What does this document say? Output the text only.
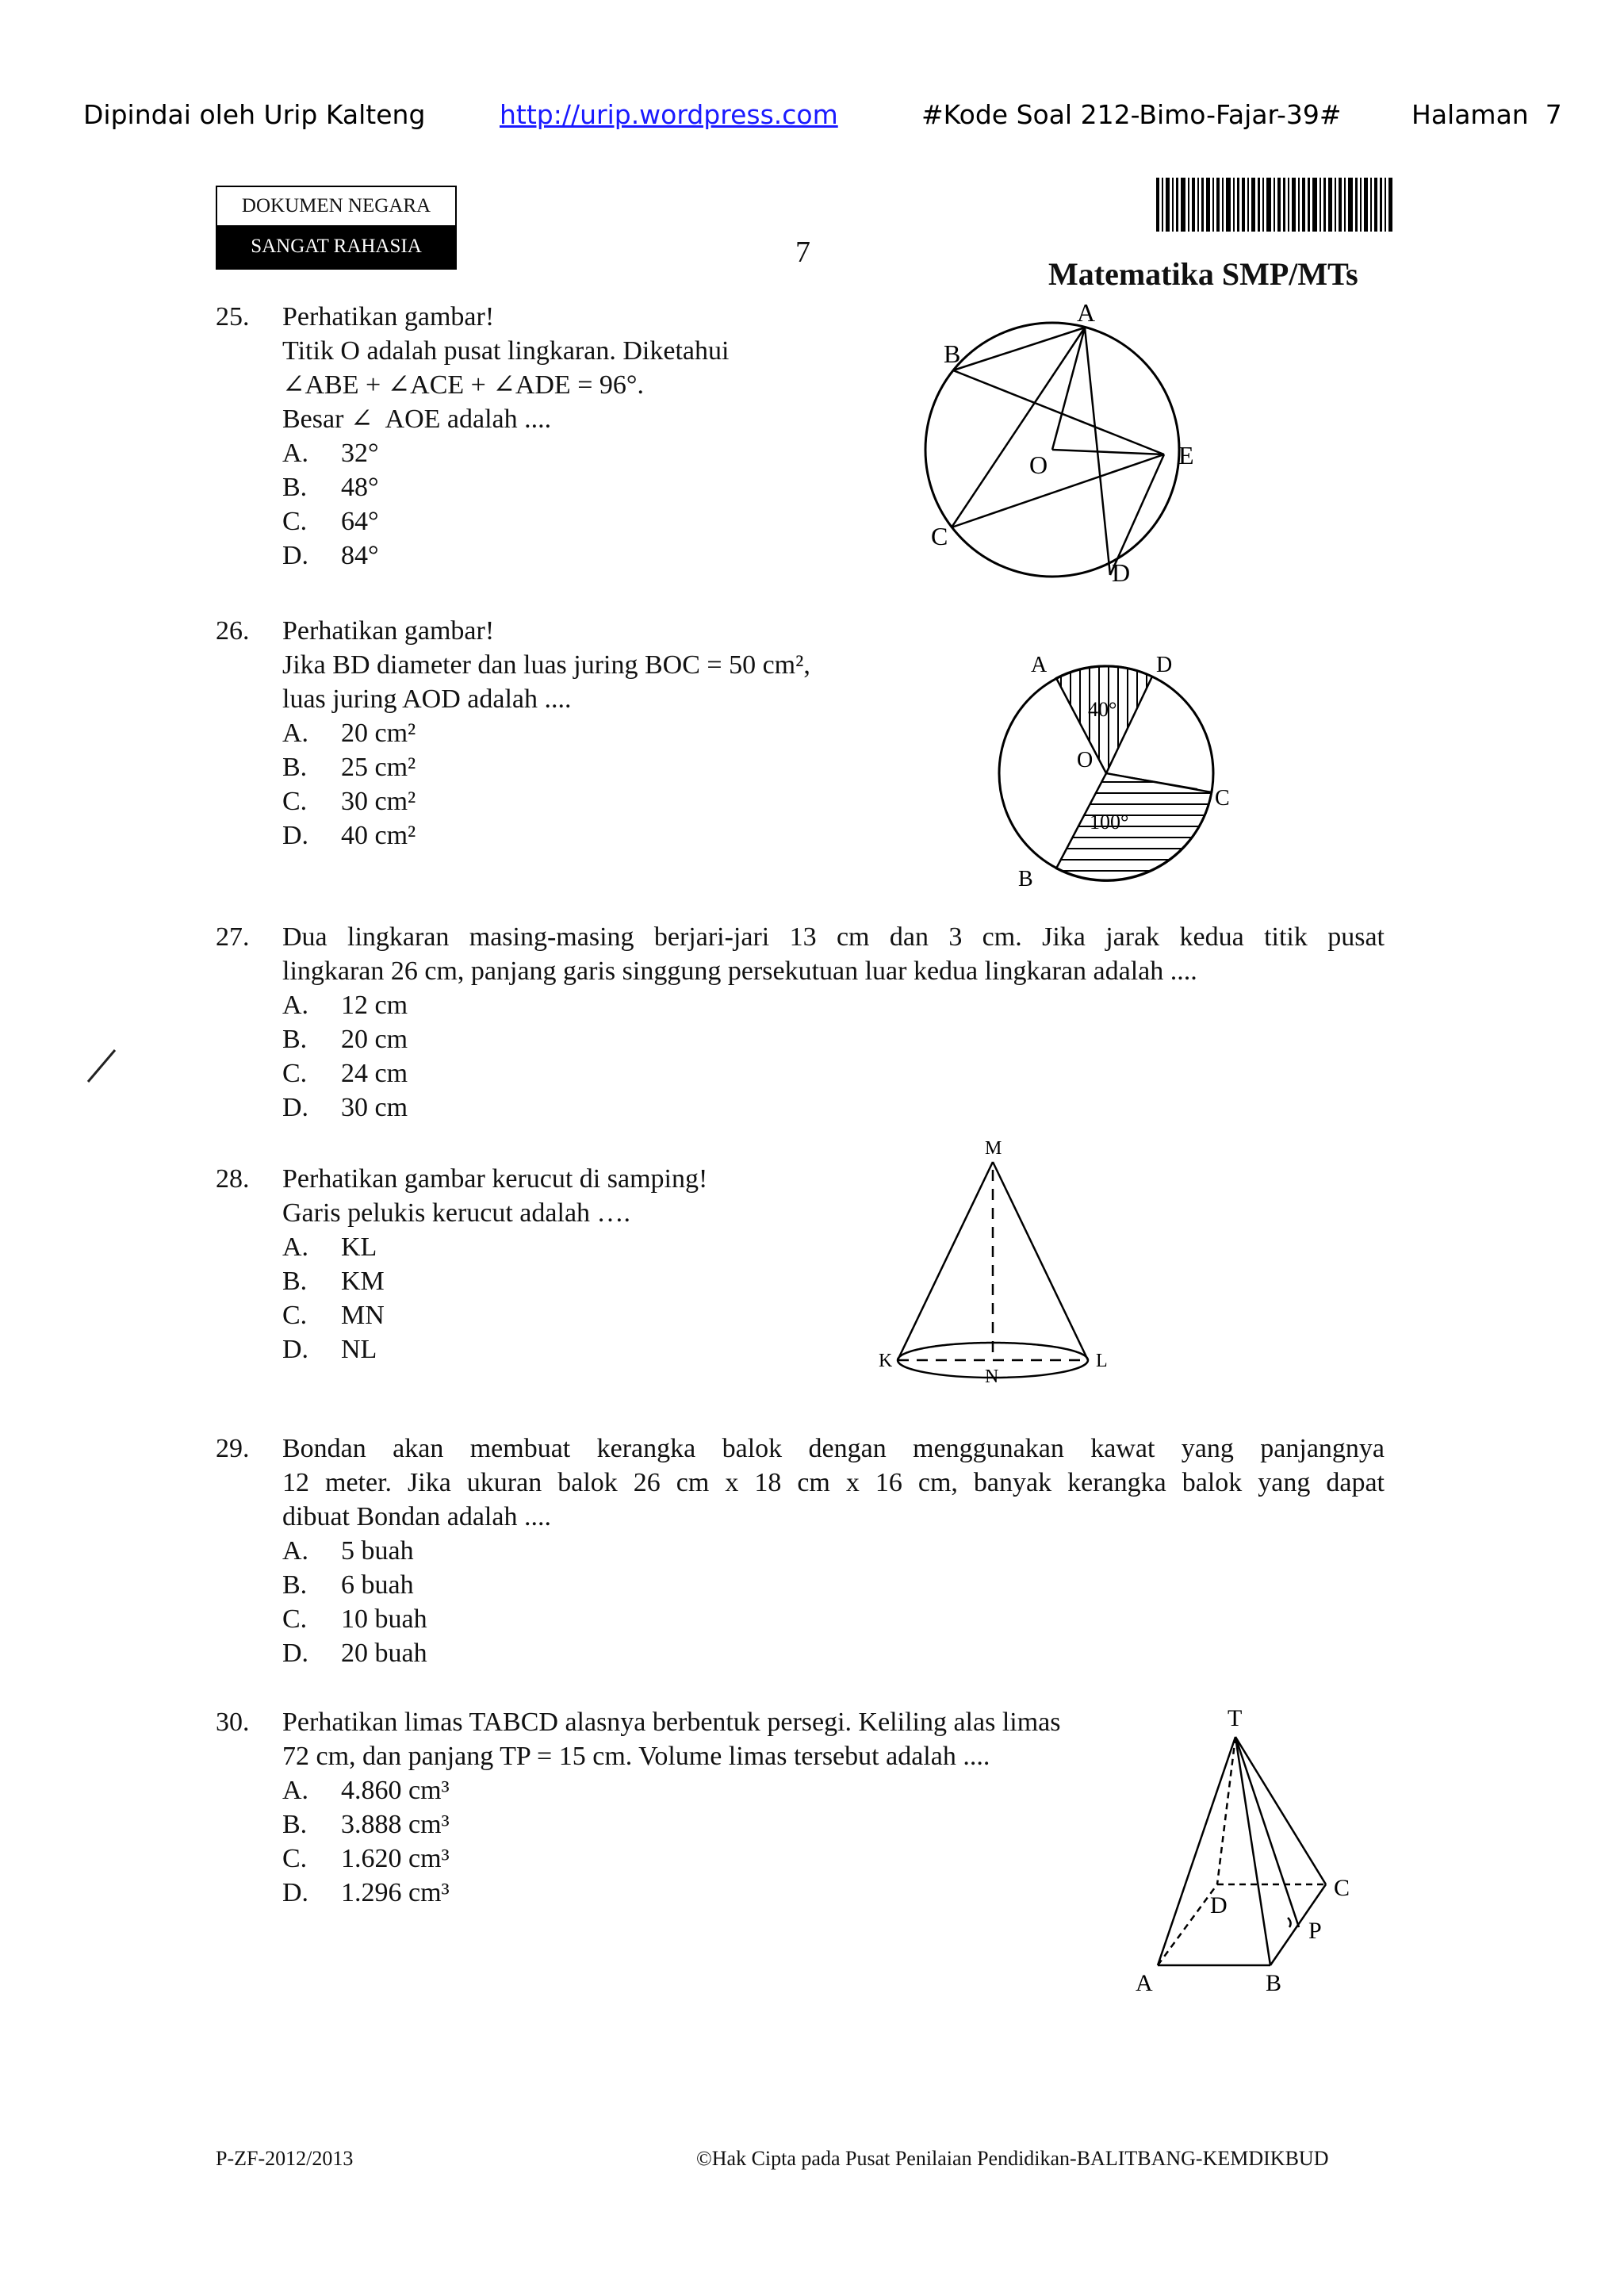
Dipindai oleh Urip Kalteng	http://urip.wordpress.com	#Kode Soal 212-Bimo-Fajar-39#	Halaman  7
DOKUMEN NEGARA
SANGAT RAHASIA	7
Matematika SMP/MTs
25. Perhatikan gambar!
Titik O adalah pusat lingkaran. Diketahui
∠ABE + ∠ACE + ∠ADE = 96°.
Besar ∠  AOE adalah ....
A. 32°
B. 48°
C. 64°
D. 84°
A
B
C
D
E
O
26. Perhatikan gambar!
Jika BD diameter dan luas juring BOC = 50 cm²,
luas juring AOD adalah ....
A. 20 cm²
B. 25 cm²
C. 30 cm²
D. 40 cm²
A	D
C
B
O
40°
100°
27. Dua lingkaran masing-masing berjari-jari 13 cm dan 3 cm. Jika jarak kedua titik pusat
lingkaran 26 cm, panjang garis singgung persekutuan luar kedua lingkaran adalah ....
A. 12 cm
B. 20 cm
C. 24 cm
D. 30 cm
28. Perhatikan gambar kerucut di samping!
Garis pelukis kerucut adalah ….
A. KL
B. KM
C. MN
D. NL
M
K
N
L
29. Bondan akan membuat kerangka balok dengan menggunakan kawat yang panjangnya
12 meter. Jika ukuran balok 26 cm x 18 cm x 16 cm, banyak kerangka balok yang dapat
dibuat Bondan adalah ....
A. 5 buah
B. 6 buah
C. 10 buah
D. 20 buah
30. Perhatikan limas TABCD alasnya berbentuk persegi. Keliling alas limas
72 cm, dan panjang TP = 15 cm. Volume limas tersebut adalah ....
A. 4.860 cm³
B. 3.888 cm³
C. 1.620 cm³
D. 1.296 cm³
T
A	B
C
D
P
P-ZF-2012/2013	©Hak Cipta pada Pusat Penilaian Pendidikan-BALITBANG-KEMDIKBUD
